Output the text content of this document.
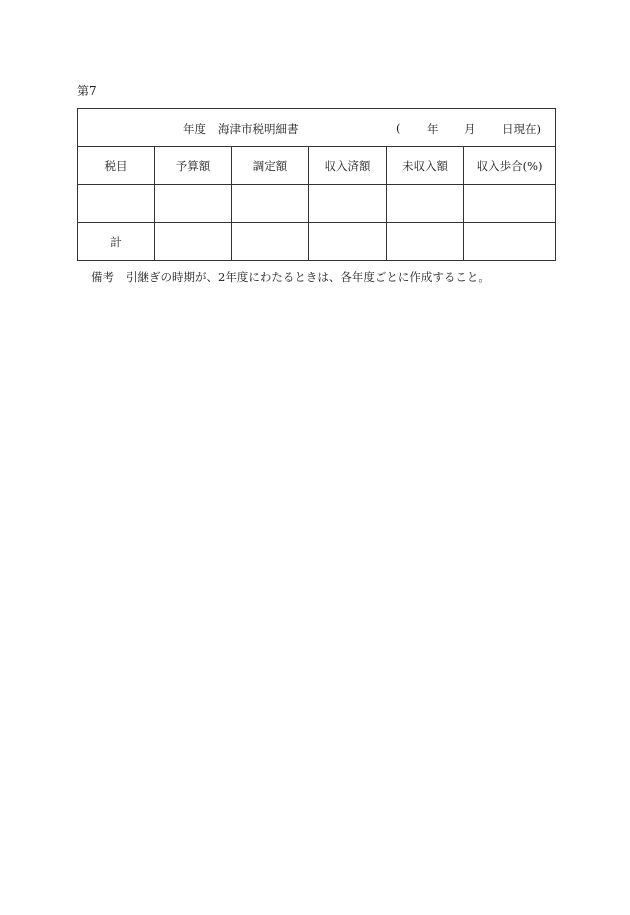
第7
年度 海津市税明細書 ( 年 月 日現在)					

税目	予算額	調定額	収入済額	未収入額	収入歩合(%)

計					
備考 引継ぎの時期が、2年度にわたるときは、各年度ごとに作成すること。
